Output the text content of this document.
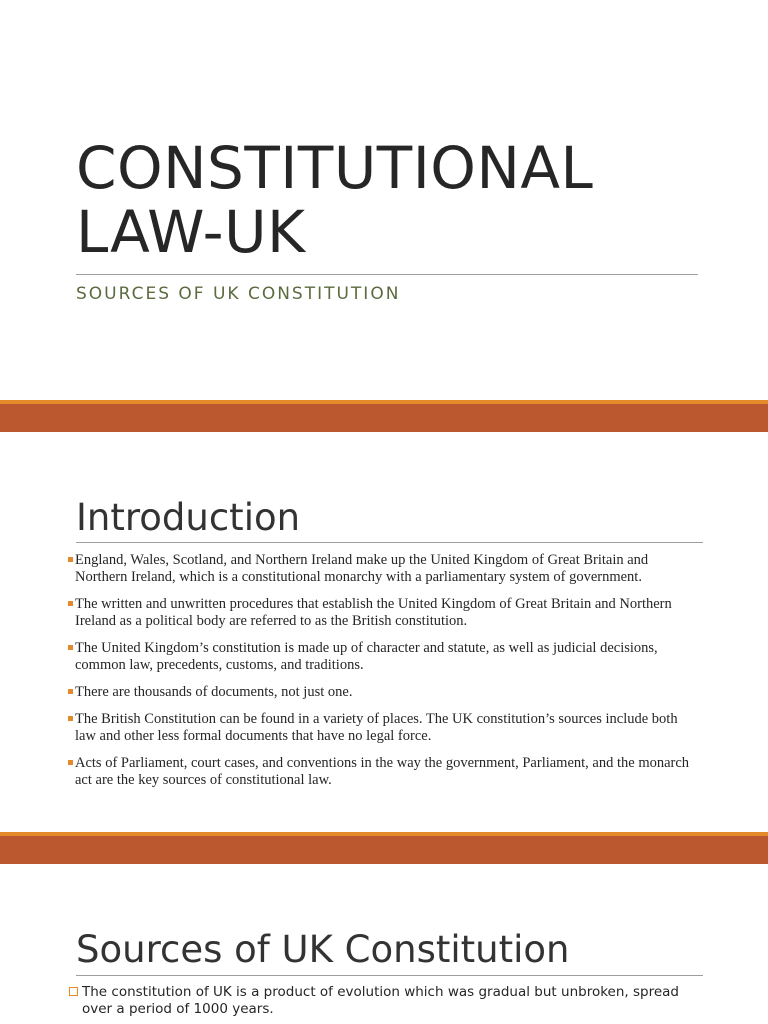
CONSTITUTIONAL
LAW-UK

SOURCES OF UK CONSTITUTION

Introduction
England, Wales, Scotland, and Northern Ireland make up the United Kingdom of Great Britain and Northern Ireland, which is a constitutional monarchy with a parliamentary system of government.
The written and unwritten procedures that establish the United Kingdom of Great Britain and Northern Ireland as a political body are referred to as the British constitution.
The United Kingdom’s constitution is made up of character and statute, as well as judicial decisions, common law, precedents, customs, and traditions.
There are thousands of documents, not just one.
The British Constitution can be found in a variety of places. The UK constitution’s sources include both law and other less formal documents that have no legal force.
Acts of Parliament, court cases, and conventions in the way the government, Parliament, and the monarch act are the key sources of constitutional law.
Sources of UK Constitution
The constitution of UK is a product of evolution which was gradual but unbroken, spread over a period of 1000 years.
